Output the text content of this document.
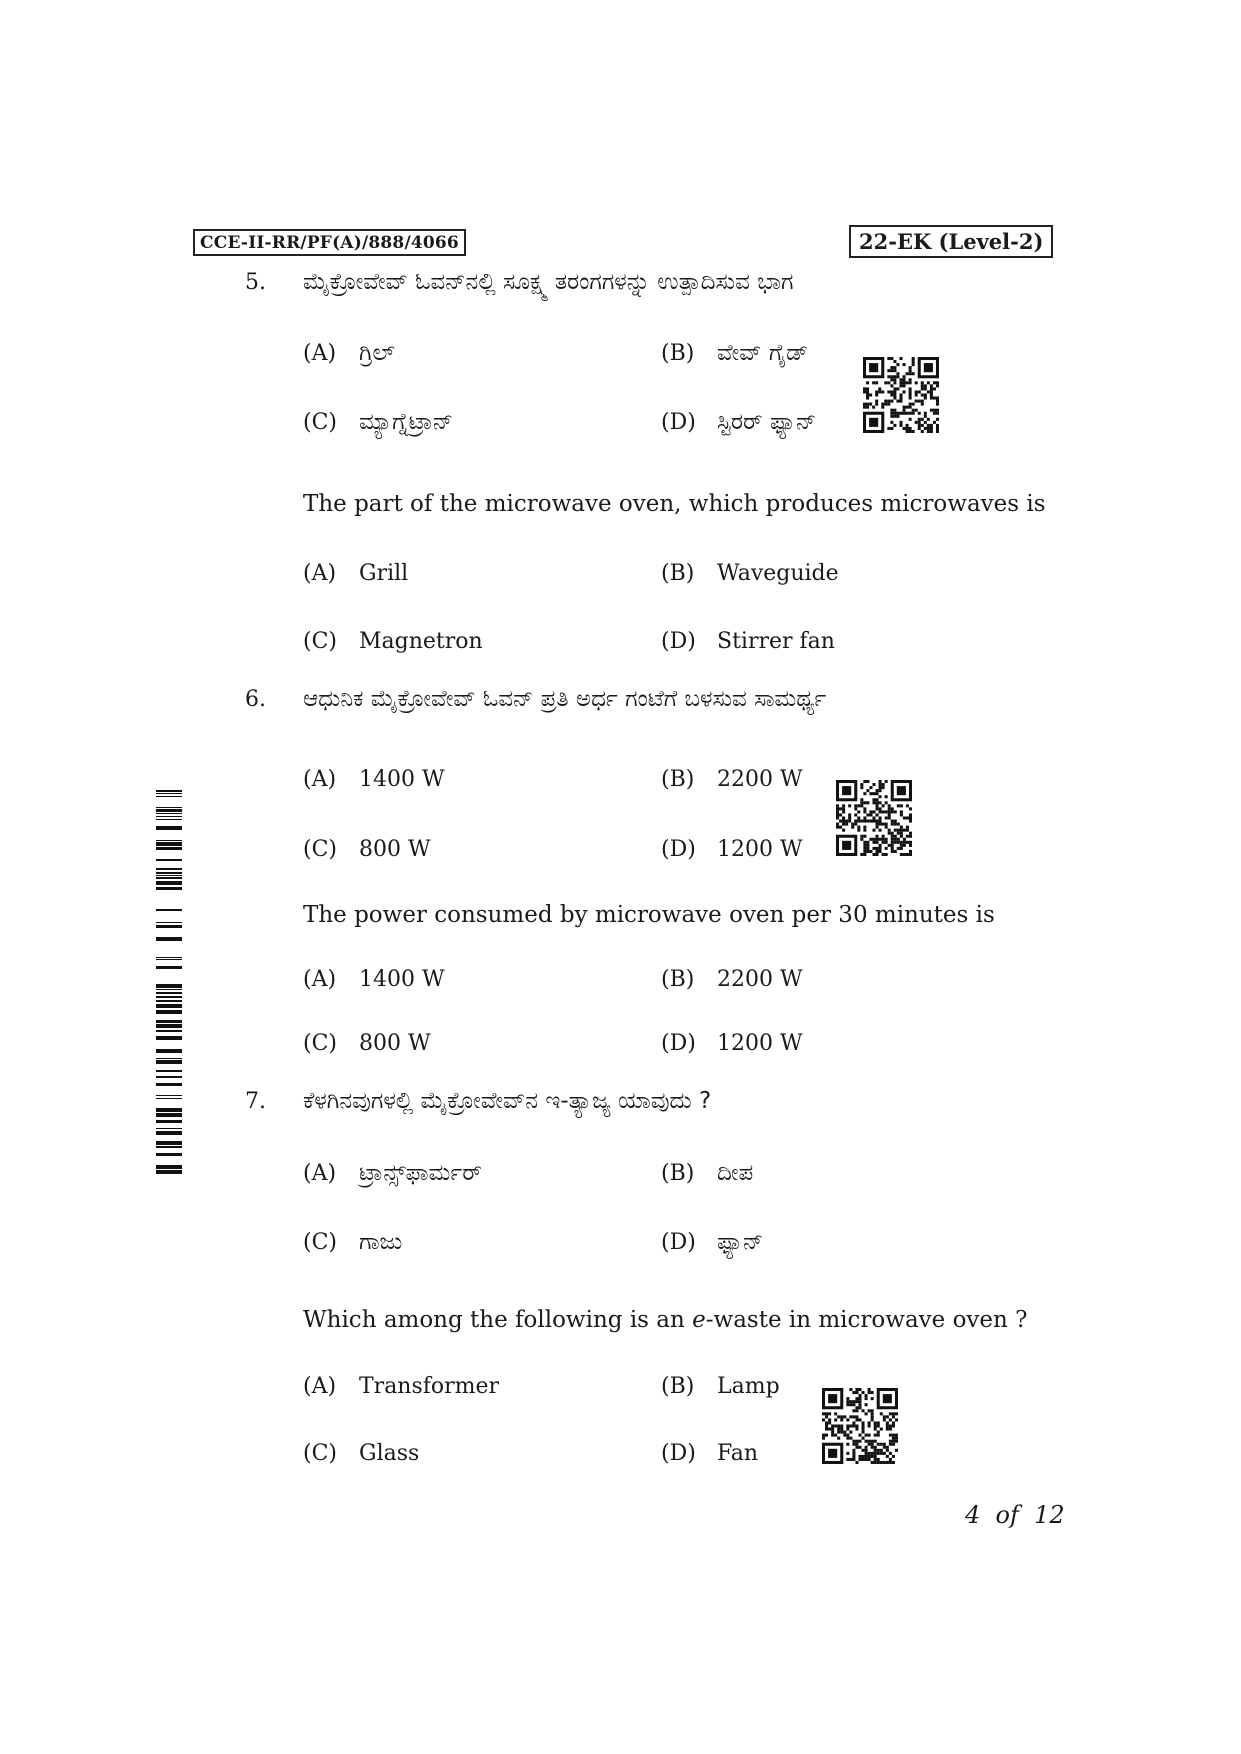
CCE-II-RR/PF(A)/888/4066	22-EK (Level-2)
5. ಮೈಕ್ರೋವೇವ್ ಓವನ್‌ನಲ್ಲಿ ಸೂಕ್ಷ್ಮ ತರಂಗಗಳನ್ನು ಉತ್ಪಾದಿಸುವ ಭಾಗ
(A) ಗ್ರಿಲ್	(B) ವೇವ್ ಗೈಡ್
(C) ಮ್ಯಾಗ್ನೆಟ್ರಾನ್	(D) ಸ್ಟಿರರ್ ಫ್ಯಾನ್
The part of the microwave oven, which produces microwaves is
(A)	Grill	(B)	Waveguide
(C)	Magnetron	(D) Stirrer fan
6. ಆಧುನಿಕ ಮೈಕ್ರೋವೇವ್ ಓವನ್ ಪ್ರತಿ ಅರ್ಧ ಗಂಟೆಗೆ ಬಳಸುವ ಸಾಮರ್ಥ್ಯ
(A)	1400 W	(B)	2200 W
(C)	800 W	(D) 1200 W
The power consumed by microwave oven per 30 minutes is
(A)	1400 W	(B)	2200 W
(C)	800 W	(D) 1200 W
7. ಕೆಳಗಿನವುಗಳಲ್ಲಿ ಮೈಕ್ರೋವೇವ್‌ನ ಇ-ತ್ಯಾಜ್ಯ ಯಾವುದು ?
(A) ಟ್ರಾನ್ಸ್‌ಫಾರ್ಮರ್	(B) ದೀಪ
(C) ಗಾಜು	(D) ಫ್ಯಾನ್
Which among the following is an e-waste in microwave oven ?
(A)	Transformer	(B)	Lamp
(C)	Glass	(D) Fan
4 of 12
